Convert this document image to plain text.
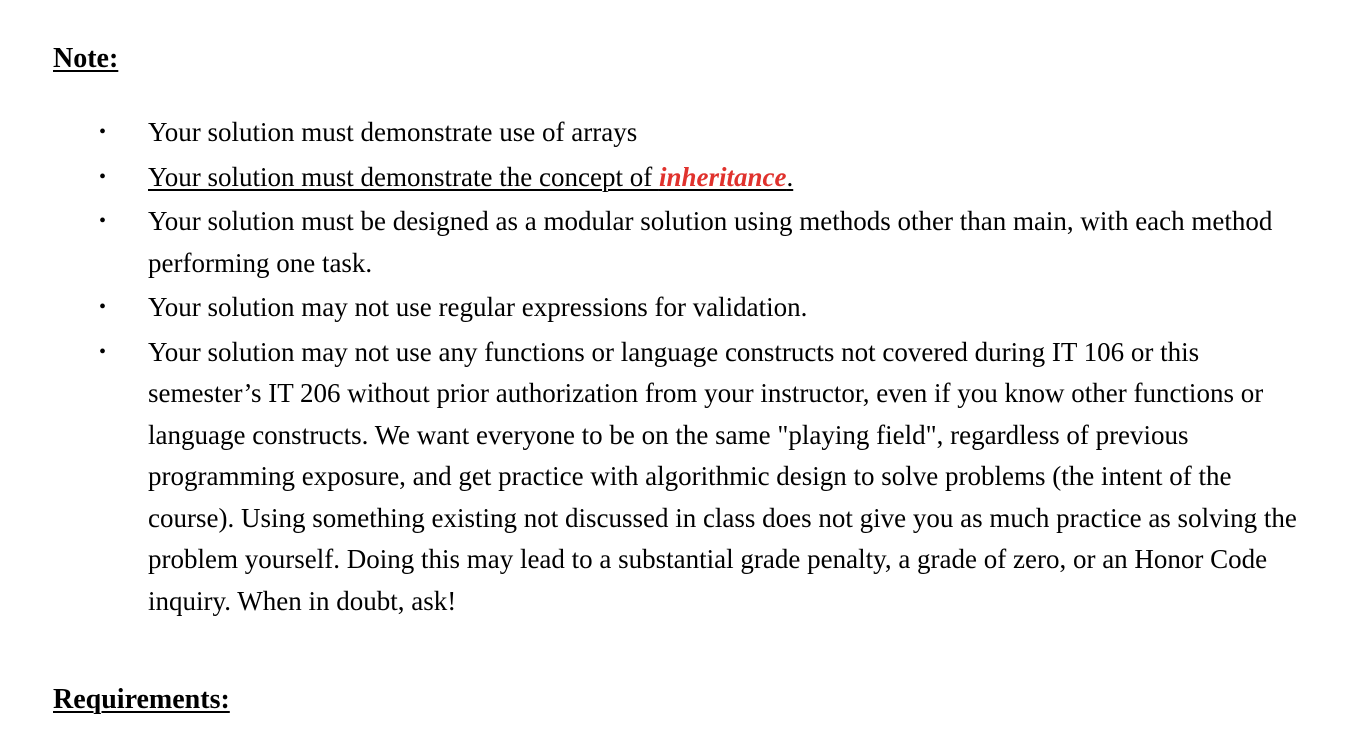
Note:
• Your solution must demonstrate use of arrays
• Your solution must demonstrate the concept of inheritance.
• Your solution must be designed as a modular solution using methods other than main, with each method performing one task.
• Your solution may not use regular expressions for validation.
• Your solution may not use any functions or language constructs not covered during IT 106 or this semester’s IT 206 without prior authorization from your instructor, even if you know other functions or language constructs. We want everyone to be on the same "playing field", regardless of previous programming exposure, and get practice with algorithmic design to solve problems (the intent of the course). Using something existing not discussed in class does not give you as much practice as solving the problem yourself. Doing this may lead to a substantial grade penalty, a grade of zero, or an Honor Code inquiry. When in doubt, ask!
Requirements:
